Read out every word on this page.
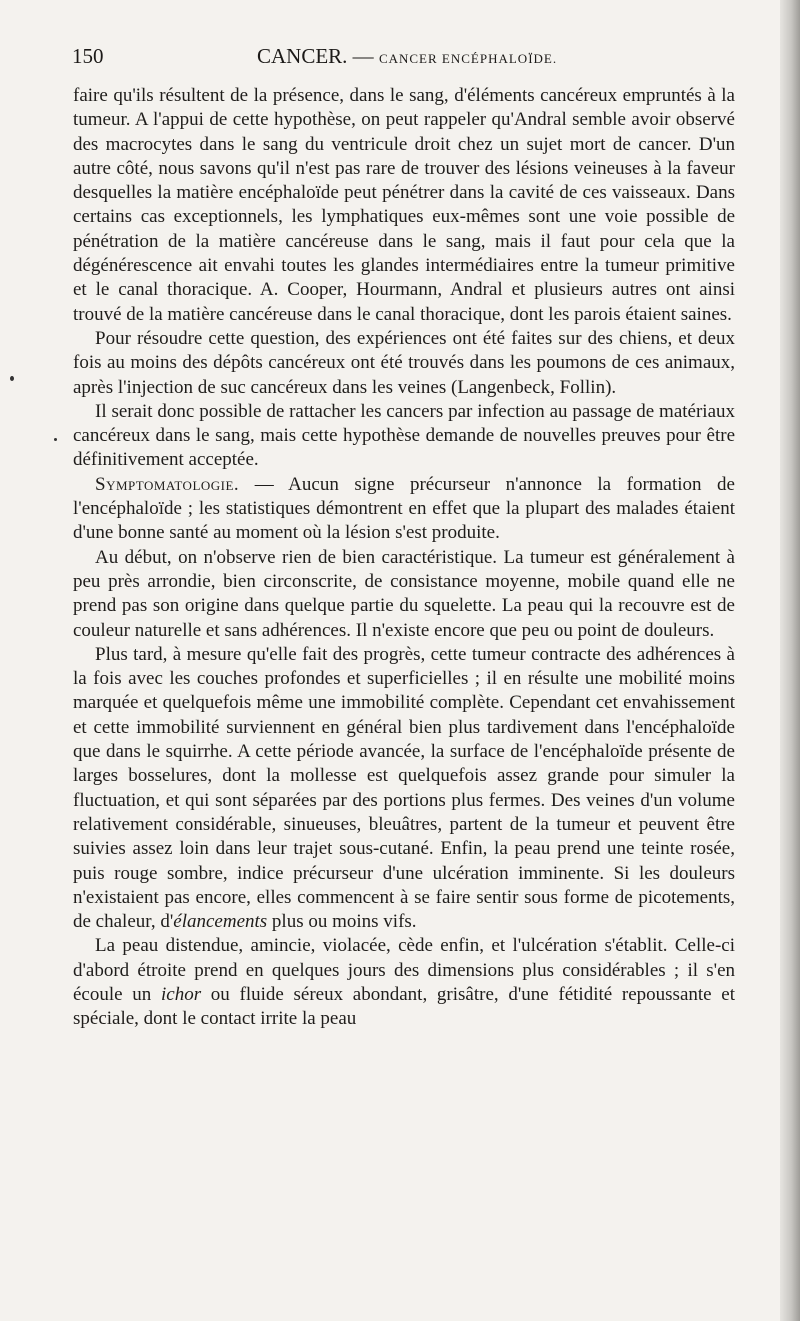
150	CANCER. — CANCER ENCÉPHALOÏDE.

faire qu'ils résultent de la présence, dans le sang, d'éléments cancéreux empruntés à la tumeur. A l'appui de cette hypothèse, on peut rappeler qu'Andral semble avoir observé des macrocytes dans le sang du ventricule droit chez un sujet mort de cancer. D'un autre côté, nous savons qu'il n'est pas rare de trouver des lésions veineuses à la faveur desquelles la matière encéphaloïde peut pénétrer dans la cavité de ces vaisseaux. Dans certains cas exceptionnels, les lymphatiques eux-mêmes sont une voie possible de pénétration de la matière cancéreuse dans le sang, mais il faut pour cela que la dégénérescence ait envahi toutes les glandes intermédiaires entre la tumeur primitive et le canal thoracique. A. Cooper, Hourmann, Andral et plusieurs autres ont ainsi trouvé de la matière cancéreuse dans le canal thoracique, dont les parois étaient saines.

Pour résoudre cette question, des expériences ont été faites sur des chiens, et deux fois au moins des dépôts cancéreux ont été trouvés dans les poumons de ces animaux, après l'injection de suc cancéreux dans les veines (Langenbeck, Follin).

Il serait donc possible de rattacher les cancers par infection au passage de matériaux cancéreux dans le sang, mais cette hypothèse demande de nouvelles preuves pour être définitivement acceptée.

Symptomatologie. — Aucun signe précurseur n'annonce la formation de l'encéphaloïde ; les statistiques démontrent en effet que la plupart des malades étaient d'une bonne santé au moment où la lésion s'est produite.

Au début, on n'observe rien de bien caractéristique. La tumeur est généralement à peu près arrondie, bien circonscrite, de consistance moyenne, mobile quand elle ne prend pas son origine dans quelque partie du squelette. La peau qui la recouvre est de couleur naturelle et sans adhérences. Il n'existe encore que peu ou point de douleurs.

Plus tard, à mesure qu'elle fait des progrès, cette tumeur contracte des adhérences à la fois avec les couches profondes et superficielles ; il en résulte une mobilité moins marquée et quelquefois même une immobilité complète. Cependant cet envahissement et cette immobilité surviennent en général bien plus tardivement dans l'encéphaloïde que dans le squirrhe. A cette période avancée, la surface de l'encéphaloïde présente de larges bosselures, dont la mollesse est quelquefois assez grande pour simuler la fluctuation, et qui sont séparées par des portions plus fermes. Des veines d'un volume relativement considérable, sinueuses, bleuâtres, partent de la tumeur et peuvent être suivies assez loin dans leur trajet sous-cutané. Enfin, la peau prend une teinte rosée, puis rouge sombre, indice précurseur d'une ulcération imminente. Si les douleurs n'existaient pas encore, elles commencent à se faire sentir sous forme de picotements, de chaleur, d'élancements plus ou moins vifs.

La peau distendue, amincie, violacée, cède enfin, et l'ulcération s'établit. Celle-ci d'abord étroite prend en quelques jours des dimensions plus considérables ; il s'en écoule un ichor ou fluide séreux abondant, grisâtre, d'une fétidité repoussante et spéciale, dont le contact irrite la peau
